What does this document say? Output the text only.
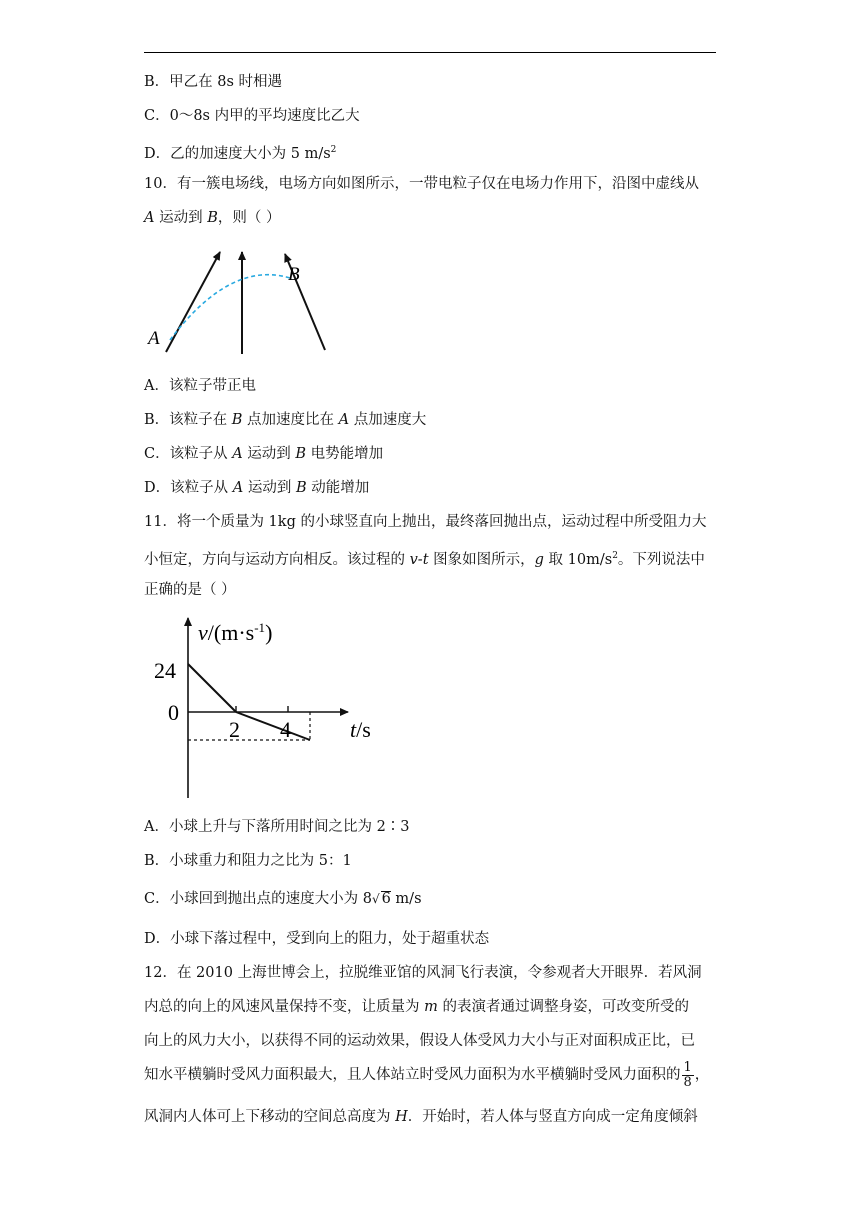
B．甲乙在 8s 时相遇
C．0～8s 内甲的平均速度比乙大
D．乙的加速度大小为 5 $m/s^2$
10．有一簇电场线，电场方向如图所示，一带电粒子仅在电场力作用下，沿图中虚线从
A 运动到 B，则（ ）
A
B
A．该粒子带正电
B．该粒子在 B 点加速度比在 A 点加速度大
C．该粒子从 A 运动到 B 电势能增加
D．该粒子从 A 运动到 B 动能增加
11．将一个质量为 1kg 的小球竖直向上抛出，最终落回抛出点，运动过程中所受阻力大
小恒定，方向与运动方向相反。该过程的 v-t 图象如图所示，g 取 $10m/s^2$。下列说法中
正确的是（ ）
$v/(m\cdot s^{-1})$
24
0
2 4	t/s
A．小球上升与下落所用时间之比为 2∶3
B．小球重力和阻力之比为 5：1
C．小球回到抛出点的速度大小为 8√ 6 m/s
D．小球下落过程中，受到向上的阻力，处于超重状态
12．在 2010 上海世博会上，拉脱维亚馆的风洞飞行表演，令参观者大开眼界．若风洞
内总的向上的风速风量保持不变，让质量为 m 的表演者通过调整身姿，可改变所受的
向上的风力大小，以获得不同的运动效果，假设人体受风力大小与正对面积成正比，已
知水平横躺时受风力面积最大，且人体站立时受风力面积为水平横躺时受风力面积的 $\frac{1}{8}$ ，
风洞内人体可上下移动的空间总高度为 H．开始时，若人体与竖直方向成一定角度倾斜
